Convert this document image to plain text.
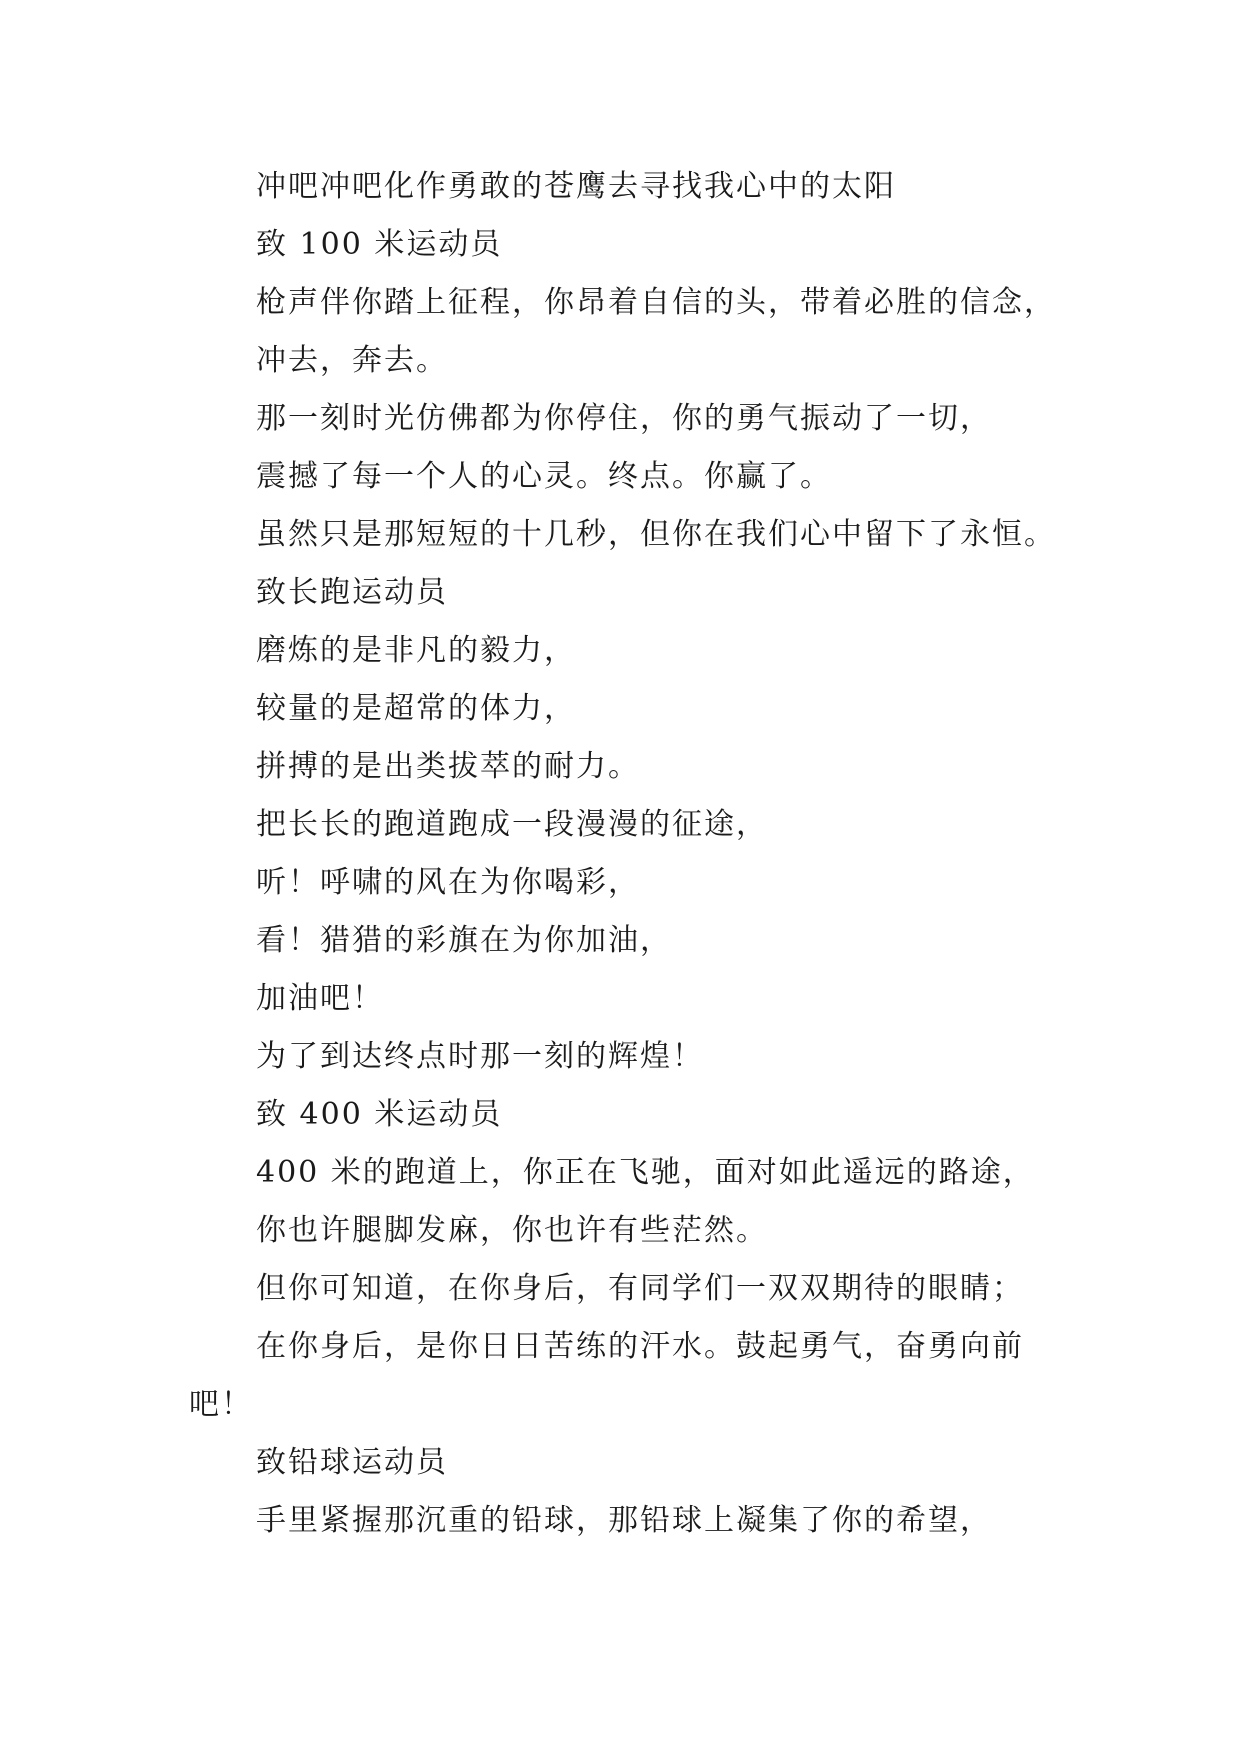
冲吧冲吧化作勇敢的苍鹰去寻找我心中的太阳
致 100 米运动员
枪声伴你踏上征程，你昂着自信的头，带着必胜的信念，
冲去，奔去。
那一刻时光仿佛都为你停住，你的勇气振动了一切，
震撼了每一个人的心灵。终点。你赢了。
虽然只是那短短的十几秒，但你在我们心中留下了永恒。
致长跑运动员
磨炼的是非凡的毅力，
较量的是超常的体力，
拼搏的是出类拔萃的耐力。
把长长的跑道跑成一段漫漫的征途，
听！呼啸的风在为你喝彩，
看！猎猎的彩旗在为你加油，
加油吧！
为了到达终点时那一刻的辉煌！
致 400 米运动员
400 米的跑道上，你正在飞驰，面对如此遥远的路途，
你也许腿脚发麻，你也许有些茫然。
但你可知道，在你身后，有同学们一双双期待的眼睛；
在你身后，是你日日苦练的汗水。鼓起勇气，奋勇向前
吧！
致铅球运动员
手里紧握那沉重的铅球，那铅球上凝集了你的希望，
